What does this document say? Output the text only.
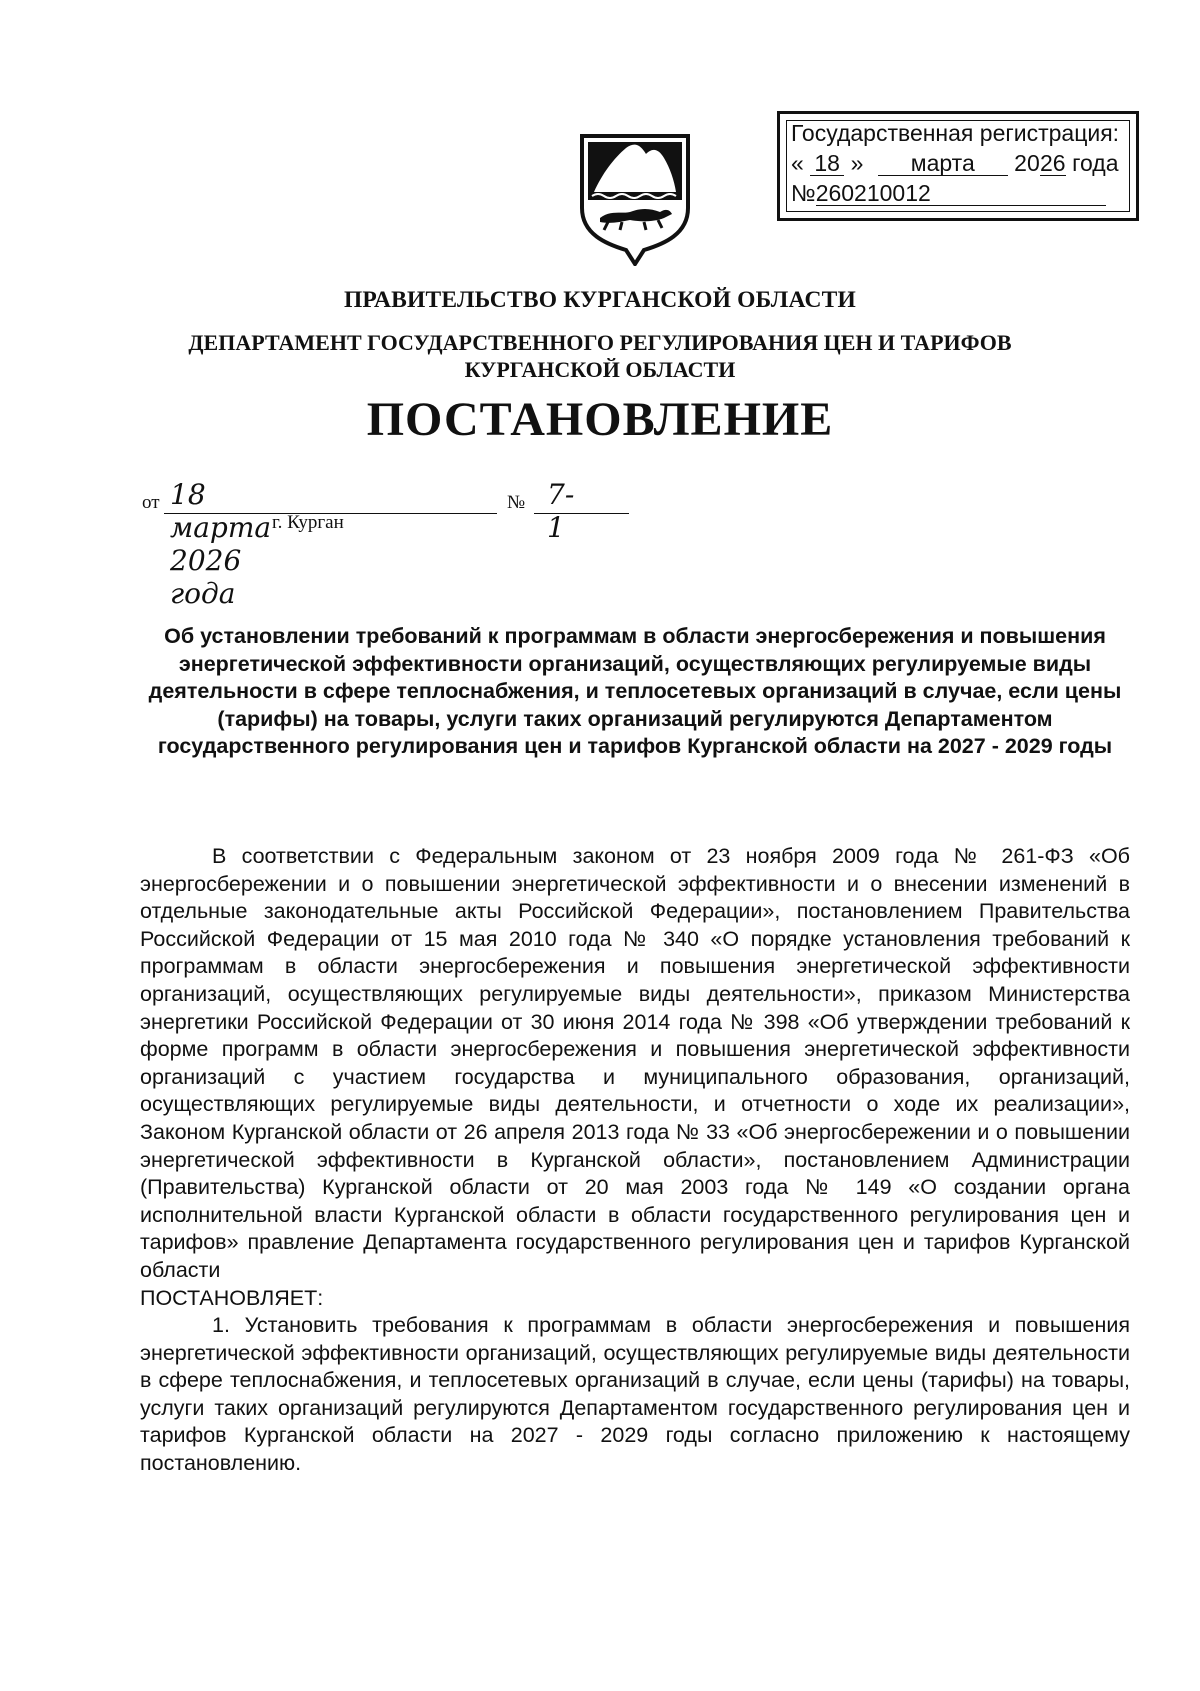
Государственная регистрация:
« 18 » марта 2026 года
№260210012
ПРАВИТЕЛЬСТВО КУРГАНСКОЙ ОБЛАСТИ
ДЕПАРТАМЕНТ ГОСУДАРСТВЕННОГО РЕГУЛИРОВАНИЯ ЦЕН И ТАРИФОВ
КУРГАНСКОЙ ОБЛАСТИ
ПОСТАНОВЛЕНИЕ
от 18 марта 2026 года
№ 7-1
г. Курган
Об установлении требований к программам в области энергосбережения и повышения энергетической эффективности организаций, осуществляющих регулируемые виды деятельности в сфере теплоснабжения, и теплосетевых организаций в случае, если цены (тарифы) на товары, услуги таких организаций регулируются Департаментом государственного регулирования цен и тарифов Курганской области на 2027 - 2029 годы

В соответствии с Федеральным законом от 23 ноября 2009 года № 261-ФЗ «Об энергосбережении и о повышении энергетической эффективности и о внесении изменений в отдельные законодательные акты Российской Федерации», постановлением Правительства Российской Федерации от 15 мая 2010 года № 340 «О порядке установления требований к программам в области энергосбережения и повышения энергетической эффективности организаций, осуществляющих регулируемые виды деятельности», приказом Министерства энергетики Российской Федерации от 30 июня 2014 года № 398 «Об утверждении требований к форме программ в области энергосбережения и повышения энергетической эффективности организаций с участием государства и муниципального образования, организаций, осуществляющих регулируемые виды деятельности, и отчетности о ходе их реализации», Законом Курганской области от 26 апреля 2013 года № 33 «Об энергосбережении и о повышении энергетической эффективности в Курганской области», постановлением Администрации (Правительства) Курганской области от 20 мая 2003 года № 149 «О создании органа исполнительной власти Курганской области в области государственного регулирования цен и тарифов» правление Департамента государственного регулирования цен и тарифов Курганской области

ПОСТАНОВЛЯЕТ:

1. Установить требования к программам в области энергосбережения и повышения энергетической эффективности организаций, осуществляющих регулируемые виды деятельности в сфере теплоснабжения, и теплосетевых организаций в случае, если цены (тарифы) на товары, услуги таких организаций регулируются Департаментом государственного регулирования цен и тарифов Курганской области на 2027 - 2029 годы согласно приложению к настоящему постановлению.
